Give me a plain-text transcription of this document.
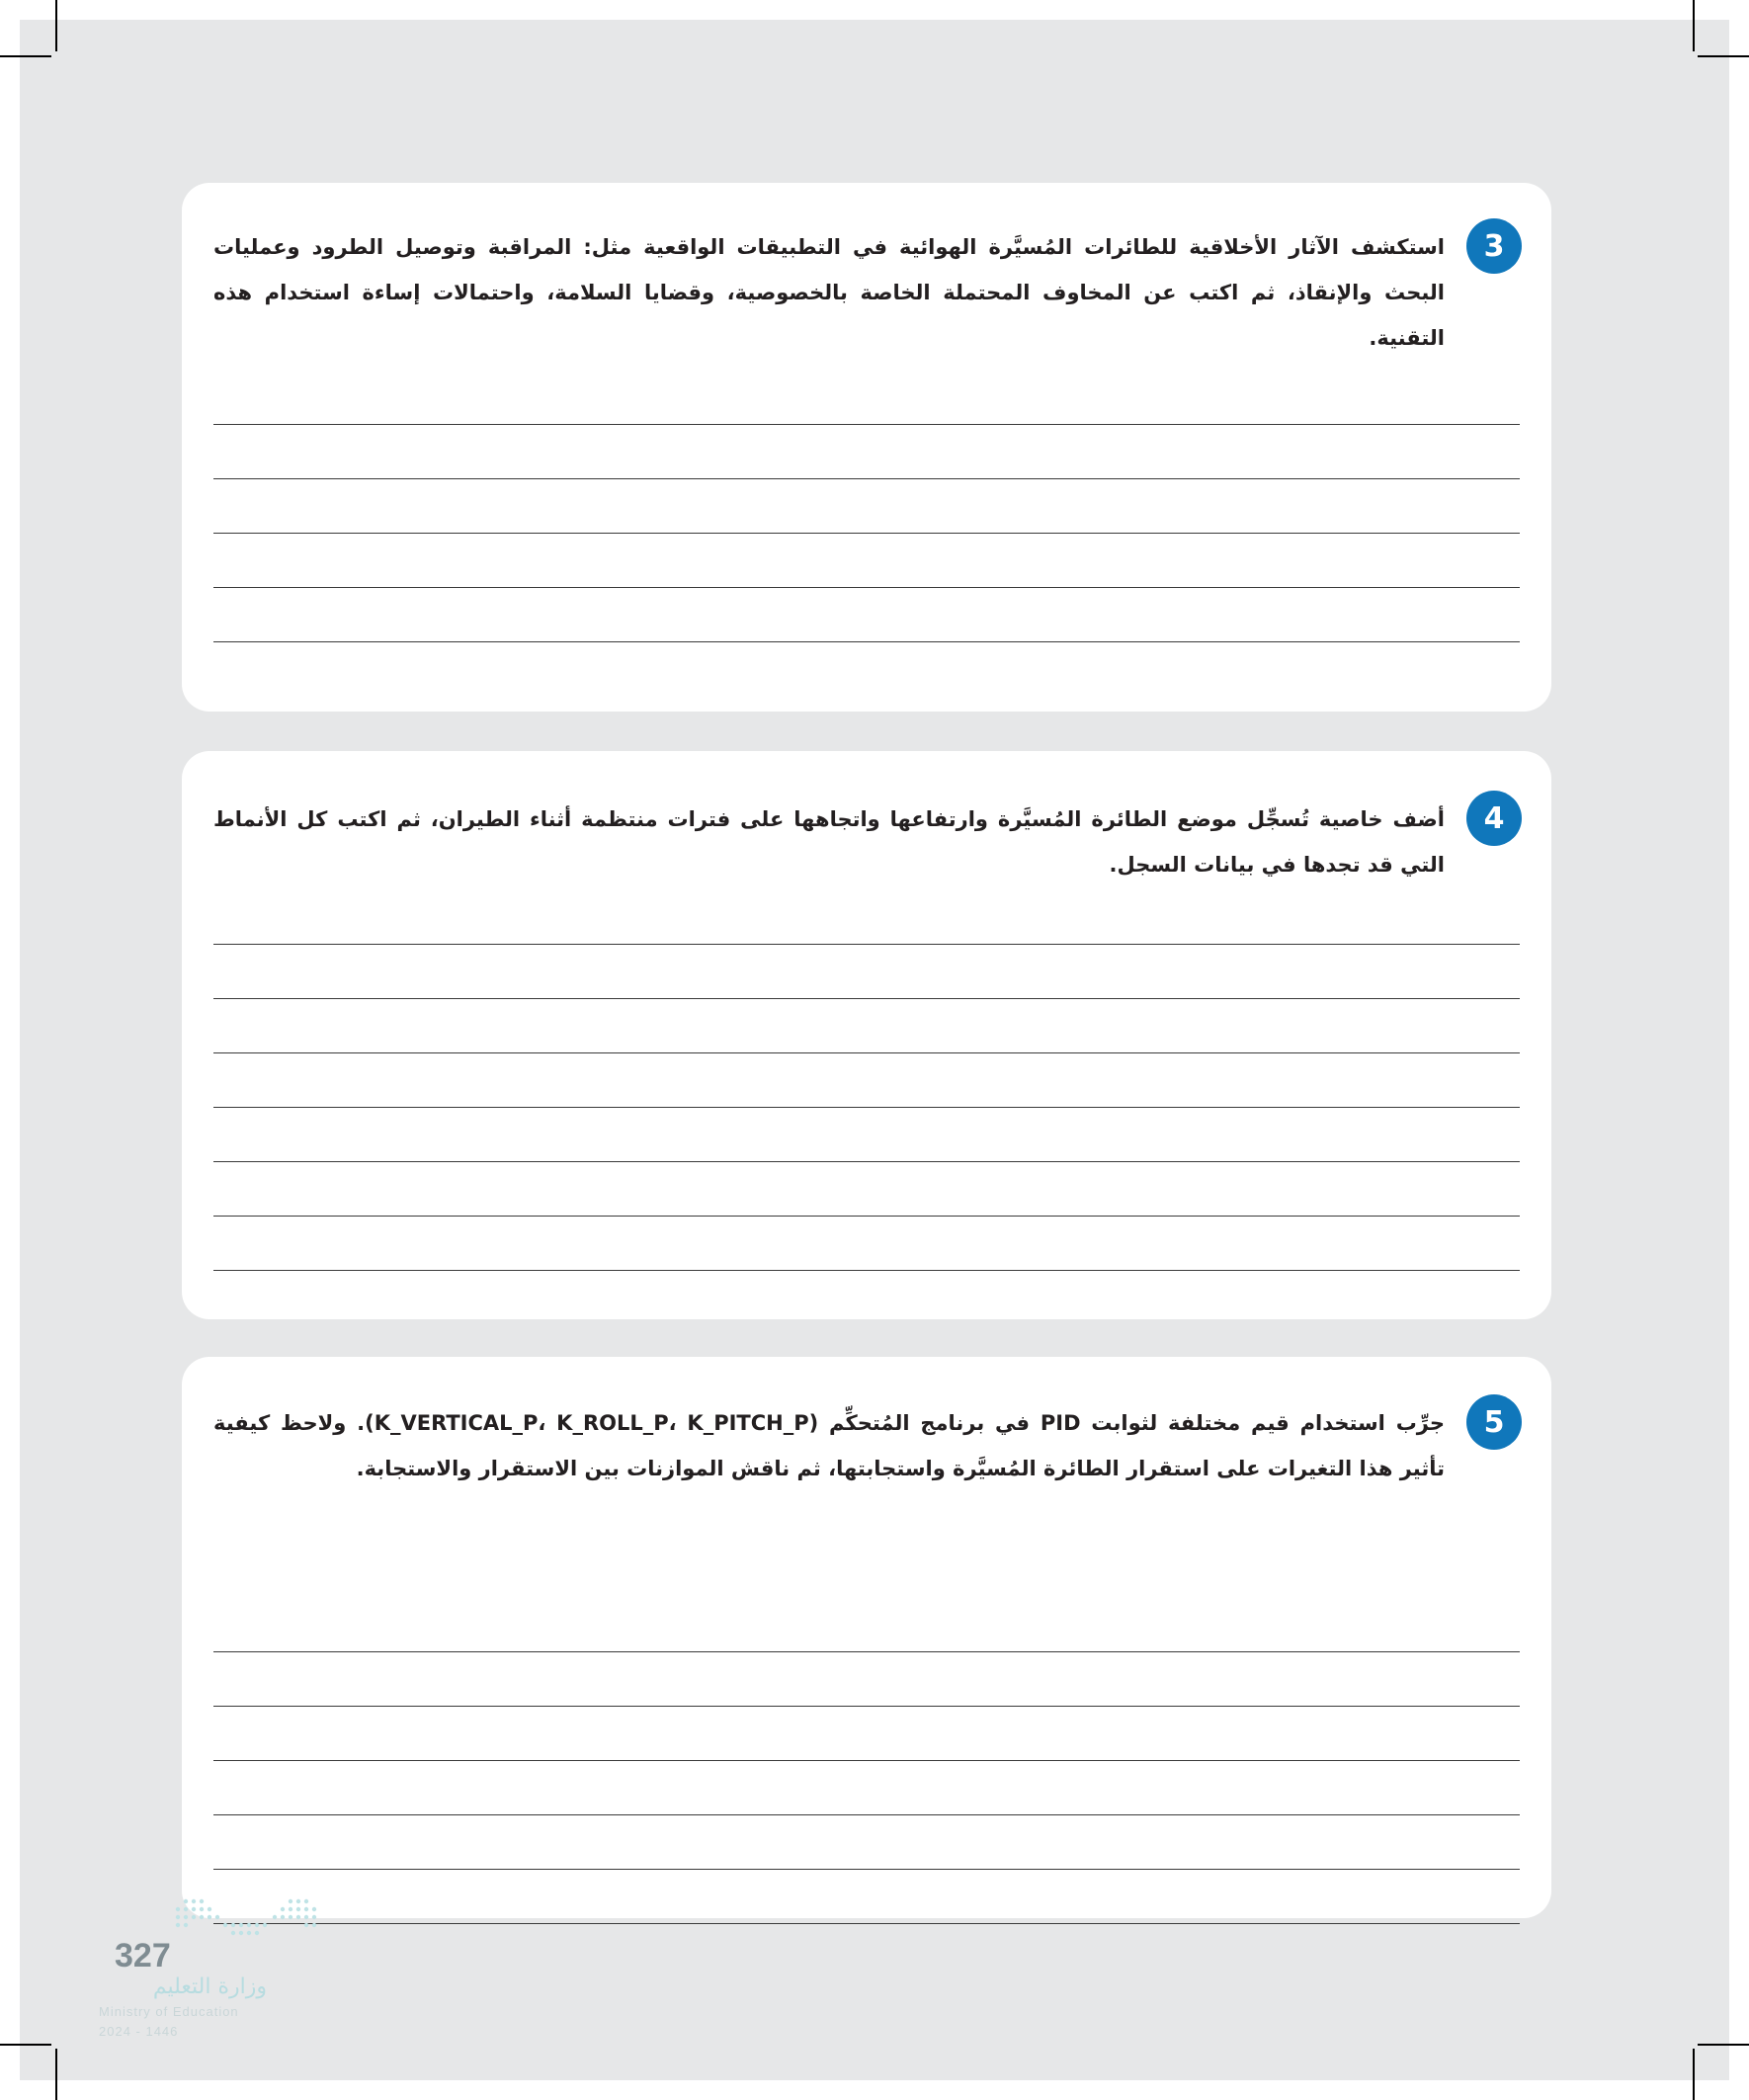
3
استكشف الآثار الأخلاقية للطائرات المُسيَّرة الهوائية في التطبيقات الواقعية مثل: المراقبة وتوصيل الطرود وعمليات البحث والإنقاذ، ثم اكتب عن المخاوف المحتملة الخاصة بالخصوصية، وقضايا السلامة، واحتمالات إساءة استخدام هذه التقنية.
4
أضف خاصية تُسجِّل موضع الطائرة المُسيَّرة وارتفاعها واتجاهها على فترات منتظمة أثناء الطيران، ثم اكتب كل الأنماط التي قد تجدها في بيانات السجل.
5
جرِّب استخدام قيم مختلفة لثوابت PID في برنامج المُتحكِّم (K_VERTICAL_P، K_ROLL_P، K_PITCH_P). ولاحظ كيفية تأثير هذا التغيرات على استقرار الطائرة المُسيَّرة واستجابتها، ثم ناقش الموازنات بين الاستقرار والاستجابة.
327
وزارة التعليم
Ministry of Education
2024 - 1446
